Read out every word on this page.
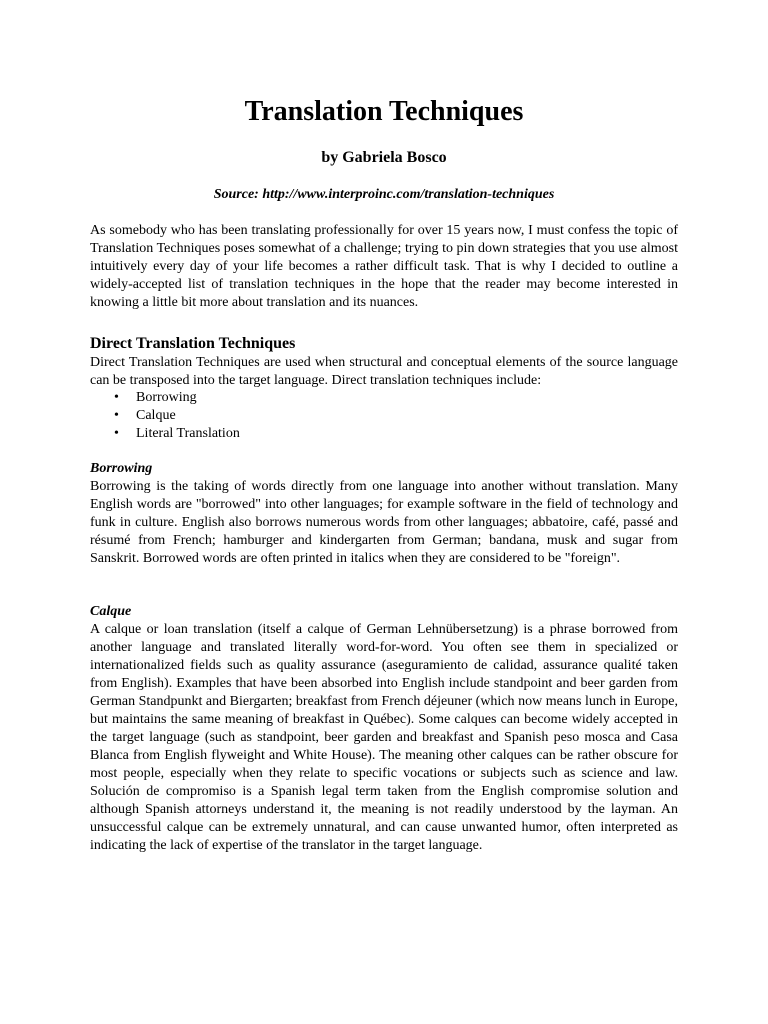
Translation Techniques
by Gabriela Bosco
Source: http://www.interproinc.com/translation-techniques

As somebody who has been translating professionally for over 15 years now, I must confess the topic of Translation Techniques poses somewhat of a challenge; trying to pin down strategies that you use almost intuitively every day of your life becomes a rather difficult task. That is why I decided to outline a widely-accepted list of translation techniques in the hope that the reader may become interested in knowing a little bit more about translation and its nuances.

Direct Translation Techniques

Direct Translation Techniques are used when structural and conceptual elements of the source language can be transposed into the target language. Direct translation techniques include:

• Borrowing
• Calque
• Literal Translation
Borrowing

Borrowing is the taking of words directly from one language into another without translation. Many English words are "borrowed" into other languages; for example software in the field of technology and funk in culture. English also borrows numerous words from other languages; abbatoire, café, passé and résumé from French; hamburger and kindergarten from German; bandana, musk and sugar from Sanskrit. Borrowed words are often printed in italics when they are considered to be "foreign".

Calque

A calque or loan translation (itself a calque of German Lehnübersetzung) is a phrase borrowed from another language and translated literally word-for-word. You often see them in specialized or internationalized fields such as quality assurance (aseguramiento de calidad, assurance qualité taken from English). Examples that have been absorbed into English include standpoint and beer garden from German Standpunkt and Biergarten; breakfast from French déjeuner (which now means lunch in Europe, but maintains the same meaning of breakfast in Québec). Some calques can become widely accepted in the target language (such as standpoint, beer garden and breakfast and Spanish peso mosca and Casa Blanca from English flyweight and White House). The meaning other calques can be rather obscure for most people, especially when they relate to specific vocations or subjects such as science and law. Solución de compromiso is a Spanish legal term taken from the English compromise solution and although Spanish attorneys understand it, the meaning is not readily understood by the layman. An unsuccessful calque can be extremely unnatural, and can cause unwanted humor, often interpreted as indicating the lack of expertise of the translator in the target language.
